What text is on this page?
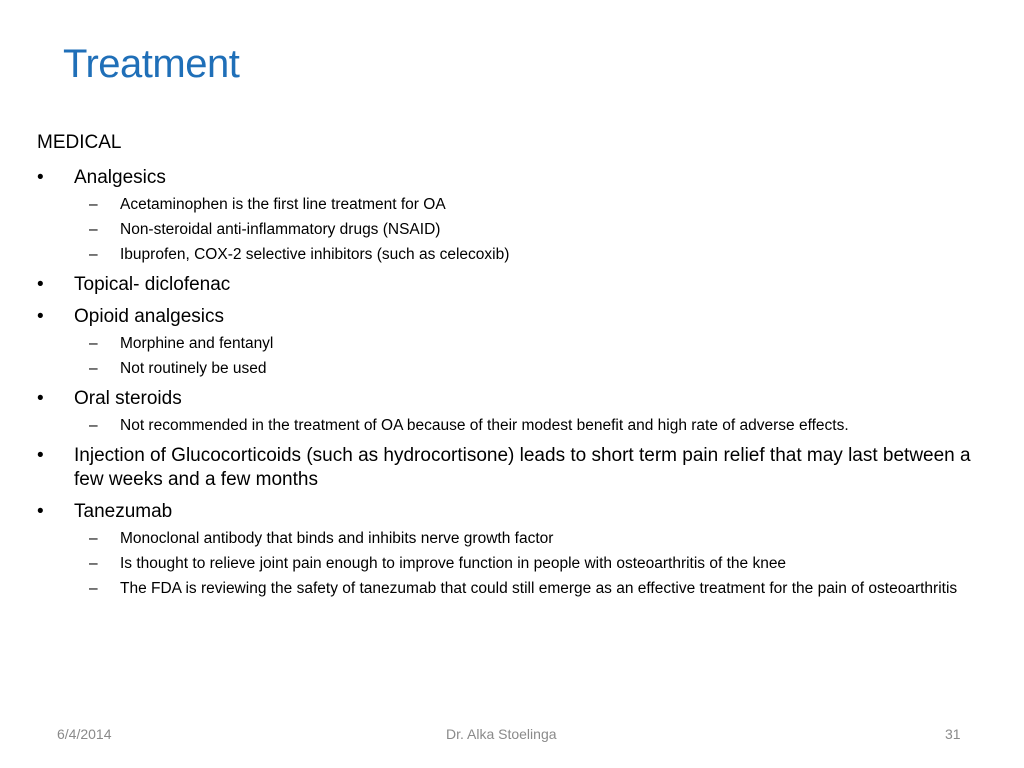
Treatment
MEDICAL
•	Analgesics
– Acetaminophen is the first line treatment for OA
– Non-steroidal anti-inflammatory drugs (NSAID)
– Ibuprofen, COX-2 selective inhibitors (such as celecoxib)
•	Topical- diclofenac
•	Opioid analgesics
– Morphine and fentanyl
– Not routinely be used
•	Oral steroids
– Not recommended in the treatment of OA because of their modest benefit and high rate of adverse effects.
•	Injection of Glucocorticoids (such as hydrocortisone) leads to short term pain relief that may last between a few weeks and a few months
•	Tanezumab
– Monoclonal antibody that binds and inhibits nerve growth factor
– Is thought to relieve joint pain enough to improve function in people with osteoarthritis of the knee
– The FDA is reviewing the safety of tanezumab that could still emerge as an effective treatment for the pain of osteoarthritis
6/4/2014	Dr. Alka Stoelinga	31
